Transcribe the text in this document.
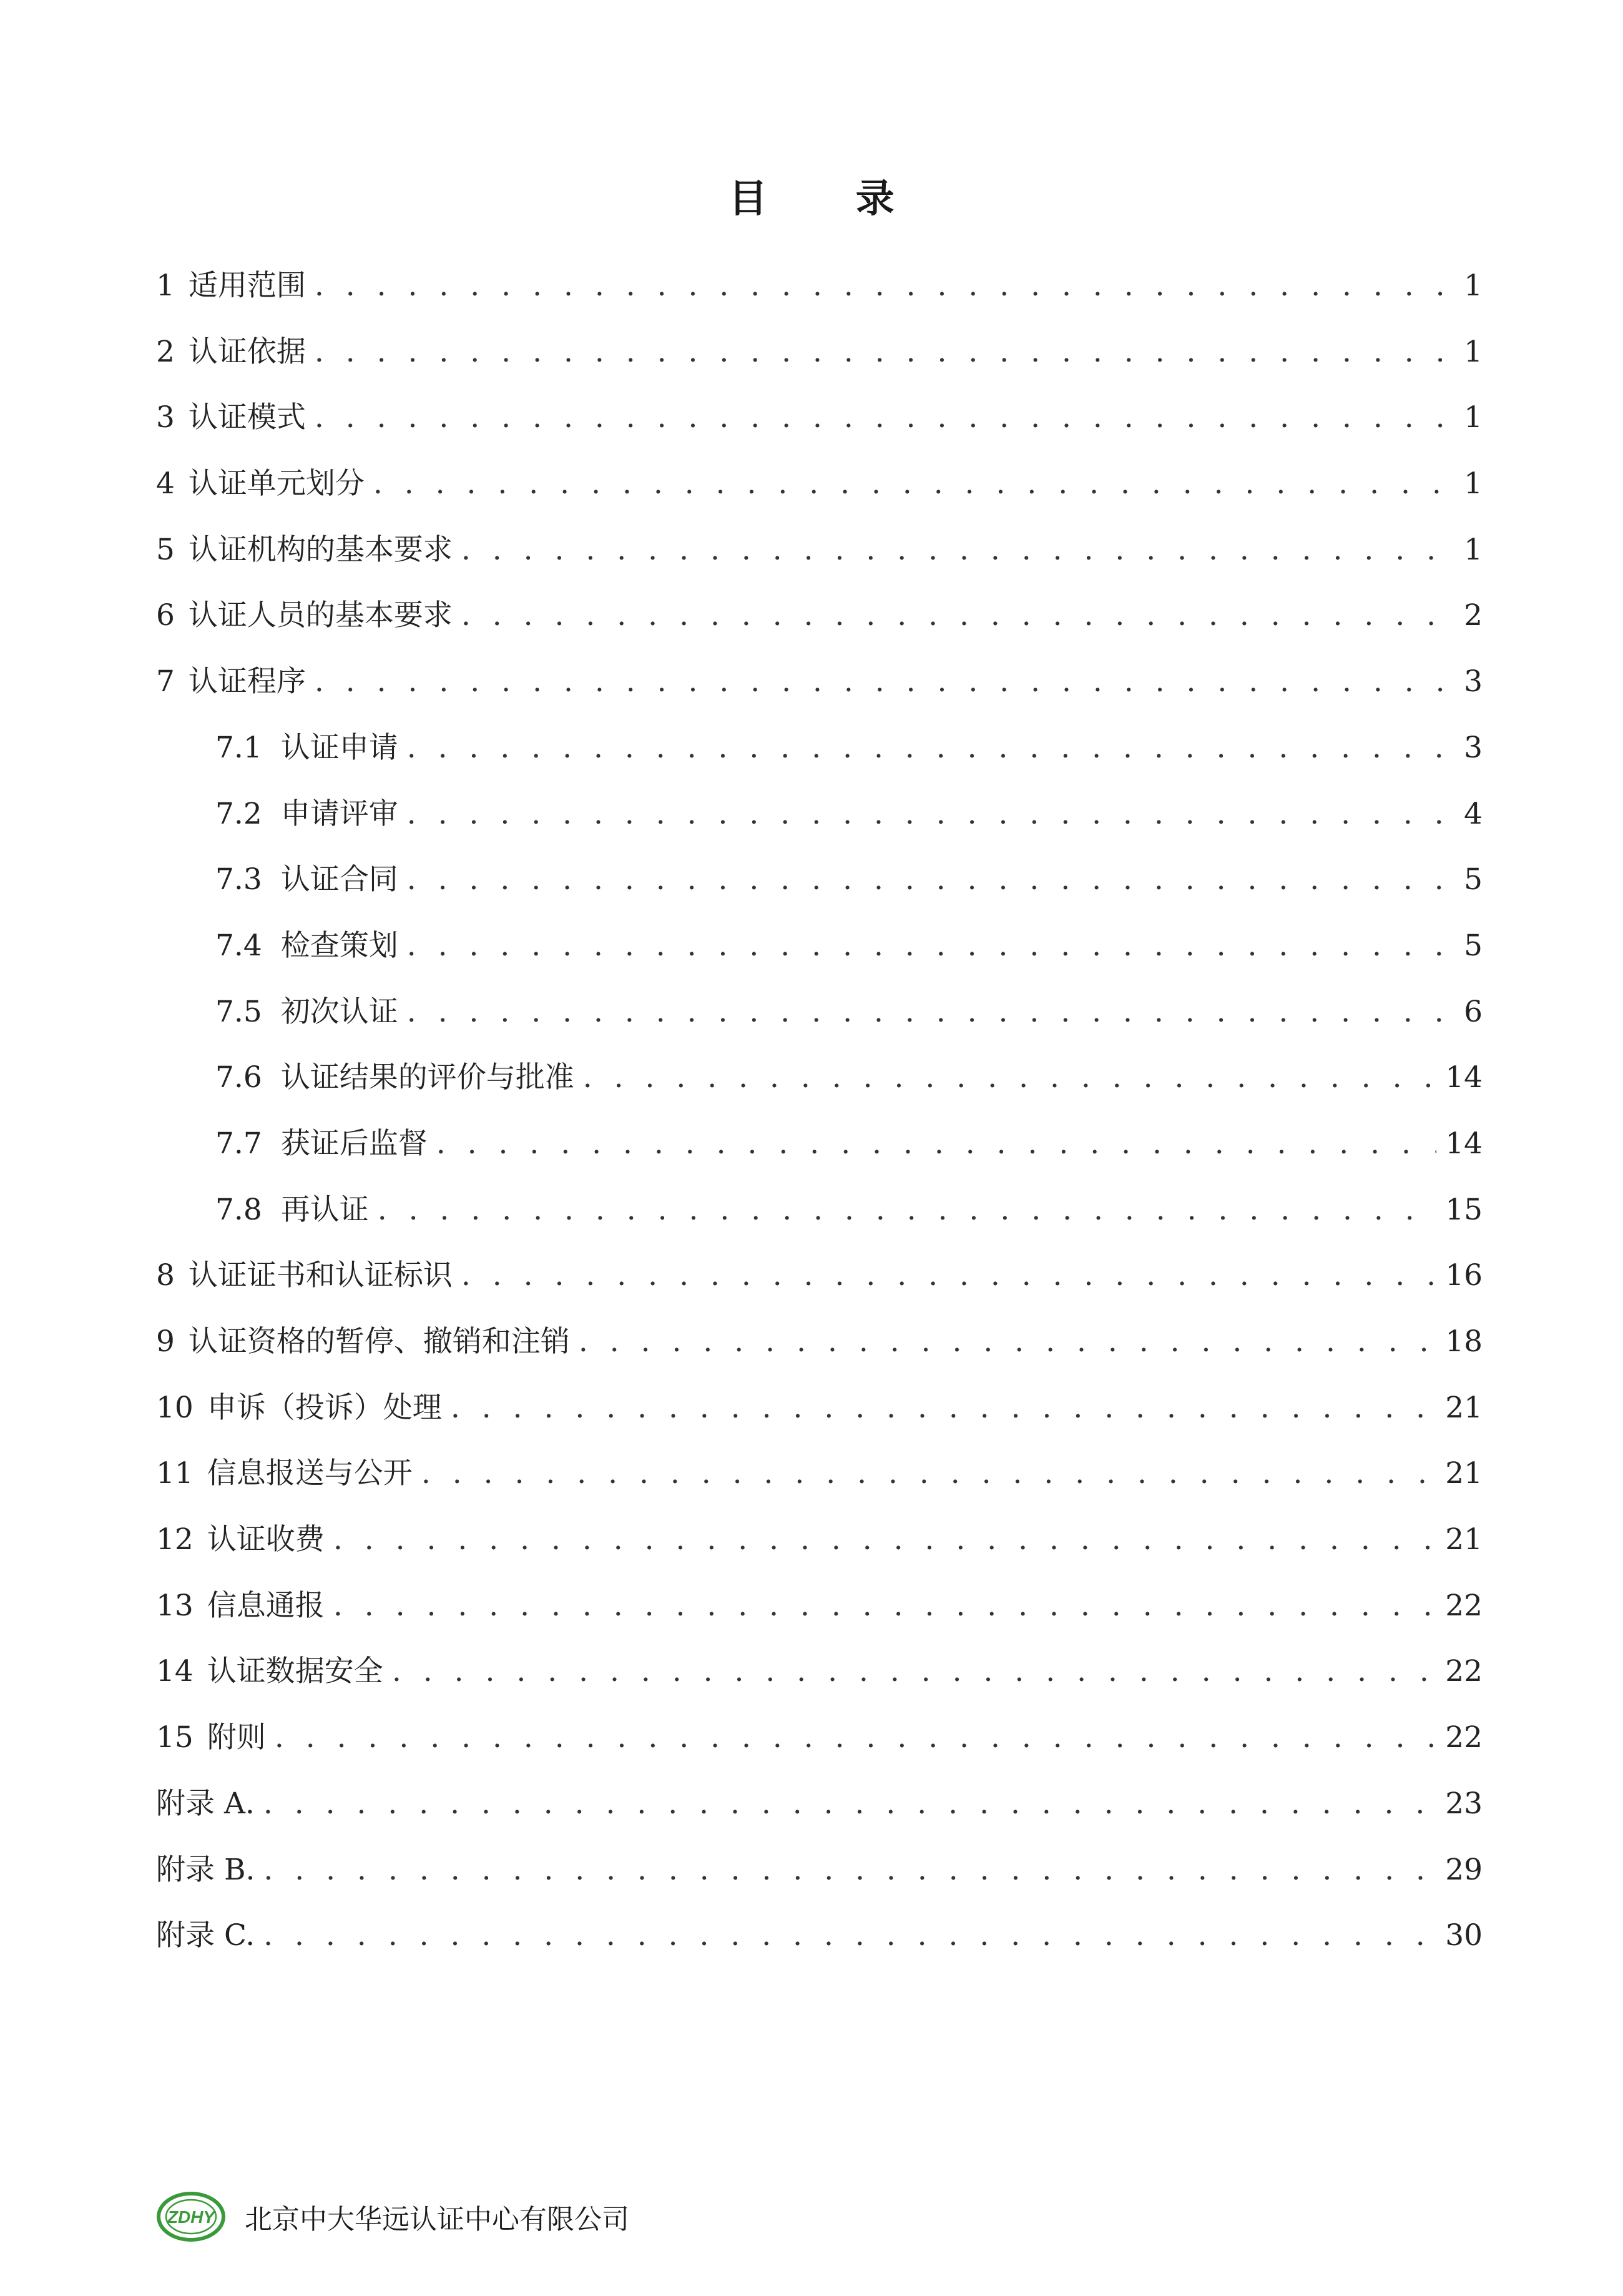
目 录
1 适用范围 . . .	1
2 认证依据 . . .	1
3 认证模式 . . .	1
4 认证单元划分 . . .	1
5 认证机构的基本要求 . . .	1
6 认证人员的基本要求 . . .	2
7 认证程序 . . .	3
7.1 认证申请 . . .	3
7.2 申请评审 . . .	4
7.3 认证合同 . . .	5
7.4 检查策划 . . .	5
7.5 初次认证 . . .	6
7.6 认证结果的评价与批准 . . .	14
7.7 获证后监督 . . .	14
7.8 再认证 . . .	15
8 认证证书和认证标识 . . .	16
9 认证资格的暂停、撤销和注销 . . .	18
10 申诉（投诉）处理 . . .	21
11 信息报送与公开 . . .	21
12 认证收费 . . .	21
13 信息通报 . . .	22
14 认证数据安全 . . .	22
15 附则 . . .	22
附录 A. . . .	23
附录 B. . . .	29
附录 C. . . .	30
ZDHY 北京中大华远认证中心有限公司
